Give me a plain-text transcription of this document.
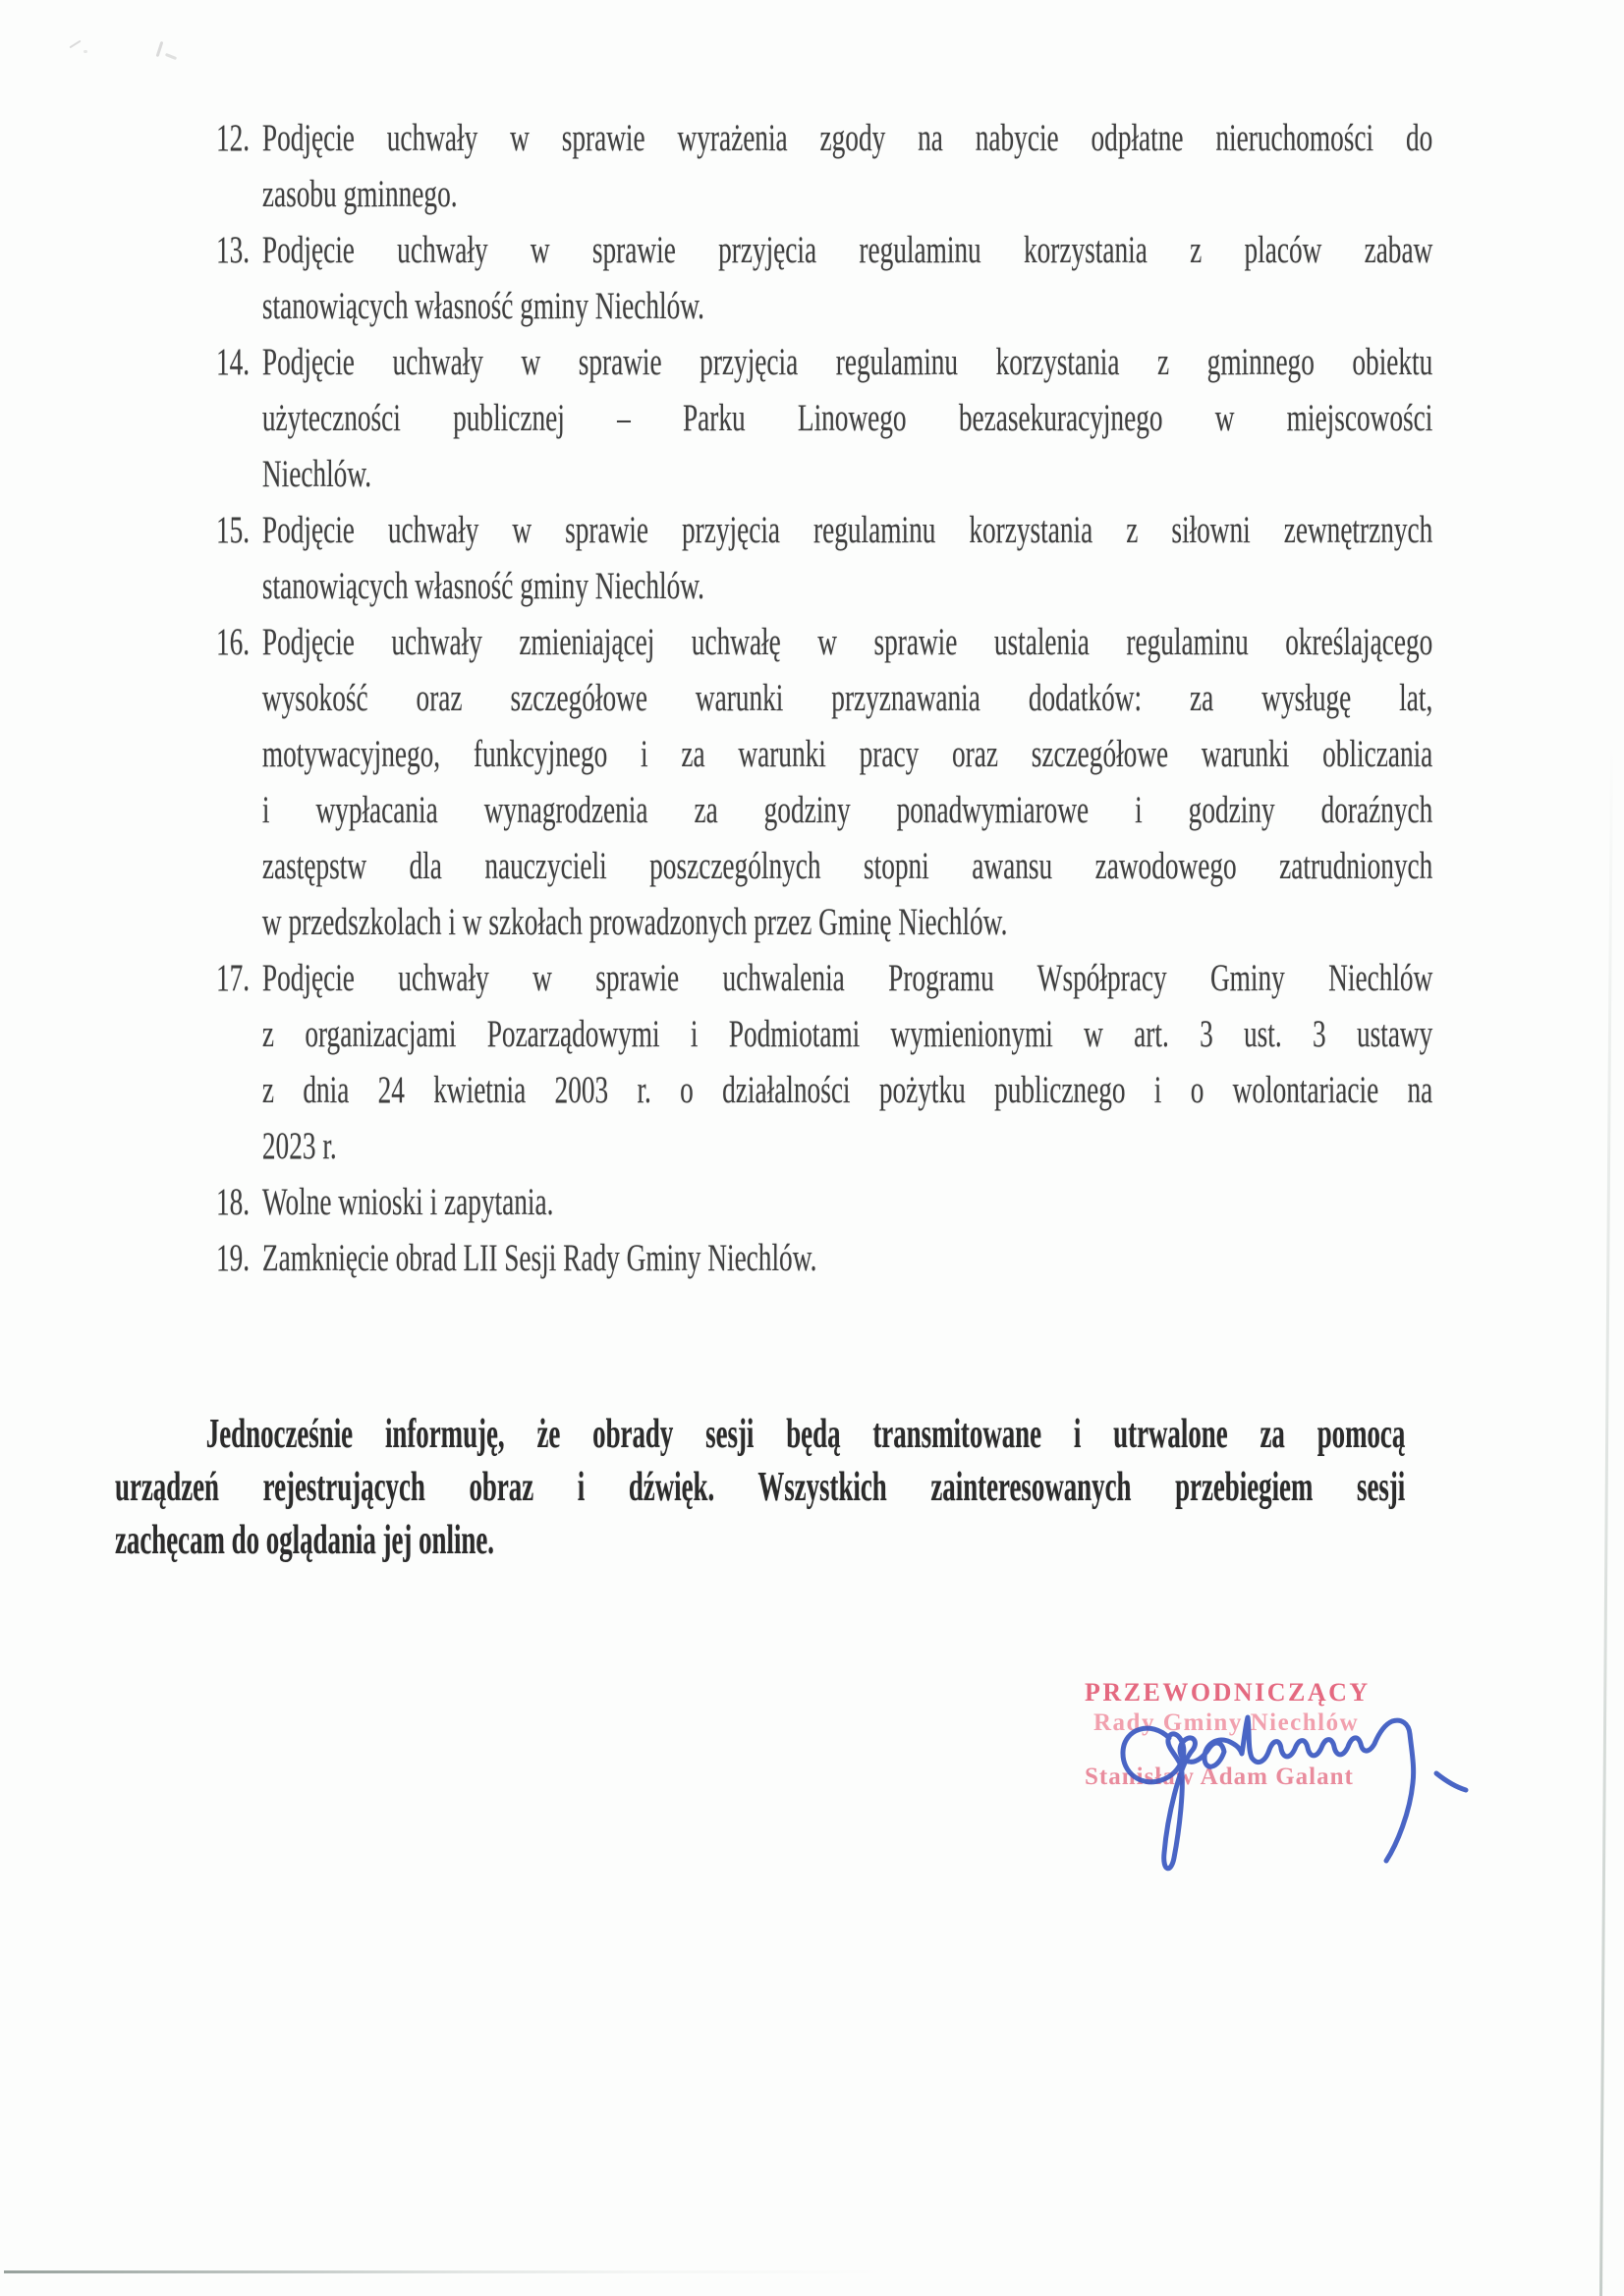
12. Podjęcie uchwały w sprawie wyrażenia zgody na nabycie odpłatne nieruchomości do
zasobu gminnego.
13. Podjęcie uchwały w sprawie przyjęcia regulaminu korzystania z placów zabaw
stanowiących własność gminy Niechlów.
14. Podjęcie uchwały w sprawie przyjęcia regulaminu korzystania z gminnego obiektu
użyteczności publicznej – Parku Linowego bezasekuracyjnego w miejscowości
Niechlów.
15. Podjęcie uchwały w sprawie przyjęcia regulaminu korzystania z siłowni zewnętrznych
stanowiących własność gminy Niechlów.
16. Podjęcie uchwały zmieniającej uchwałę w sprawie ustalenia regulaminu określającego
wysokość oraz szczegółowe warunki przyznawania dodatków: za wysługę lat,
motywacyjnego, funkcyjnego i za warunki pracy oraz szczegółowe warunki obliczania
i wypłacania wynagrodzenia za godziny ponadwymiarowe i godziny doraźnych
zastępstw dla nauczycieli poszczególnych stopni awansu zawodowego zatrudnionych
w przedszkolach i w szkołach prowadzonych przez Gminę Niechlów.
17. Podjęcie uchwały w sprawie uchwalenia Programu Współpracy Gminy Niechlów
z organizacjami Pozarządowymi i Podmiotami wymienionymi w art. 3 ust. 3 ustawy
z dnia 24 kwietnia 2003 r. o działalności pożytku publicznego i o wolontariacie na
2023 r.
18. Wolne wnioski i zapytania.
19. Zamknięcie obrad LII Sesji Rady Gminy Niechlów.
Jednocześnie informuję, że obrady sesji będą transmitowane i utrwalone za pomocą
urządzeń rejestrujących obraz i dźwięk. Wszystkich zainteresowanych przebiegiem sesji
zachęcam do oglądania jej online.
PRZEWODNICZĄCY
Rady Gminy Niechlów
Stanisław Adam Galant
